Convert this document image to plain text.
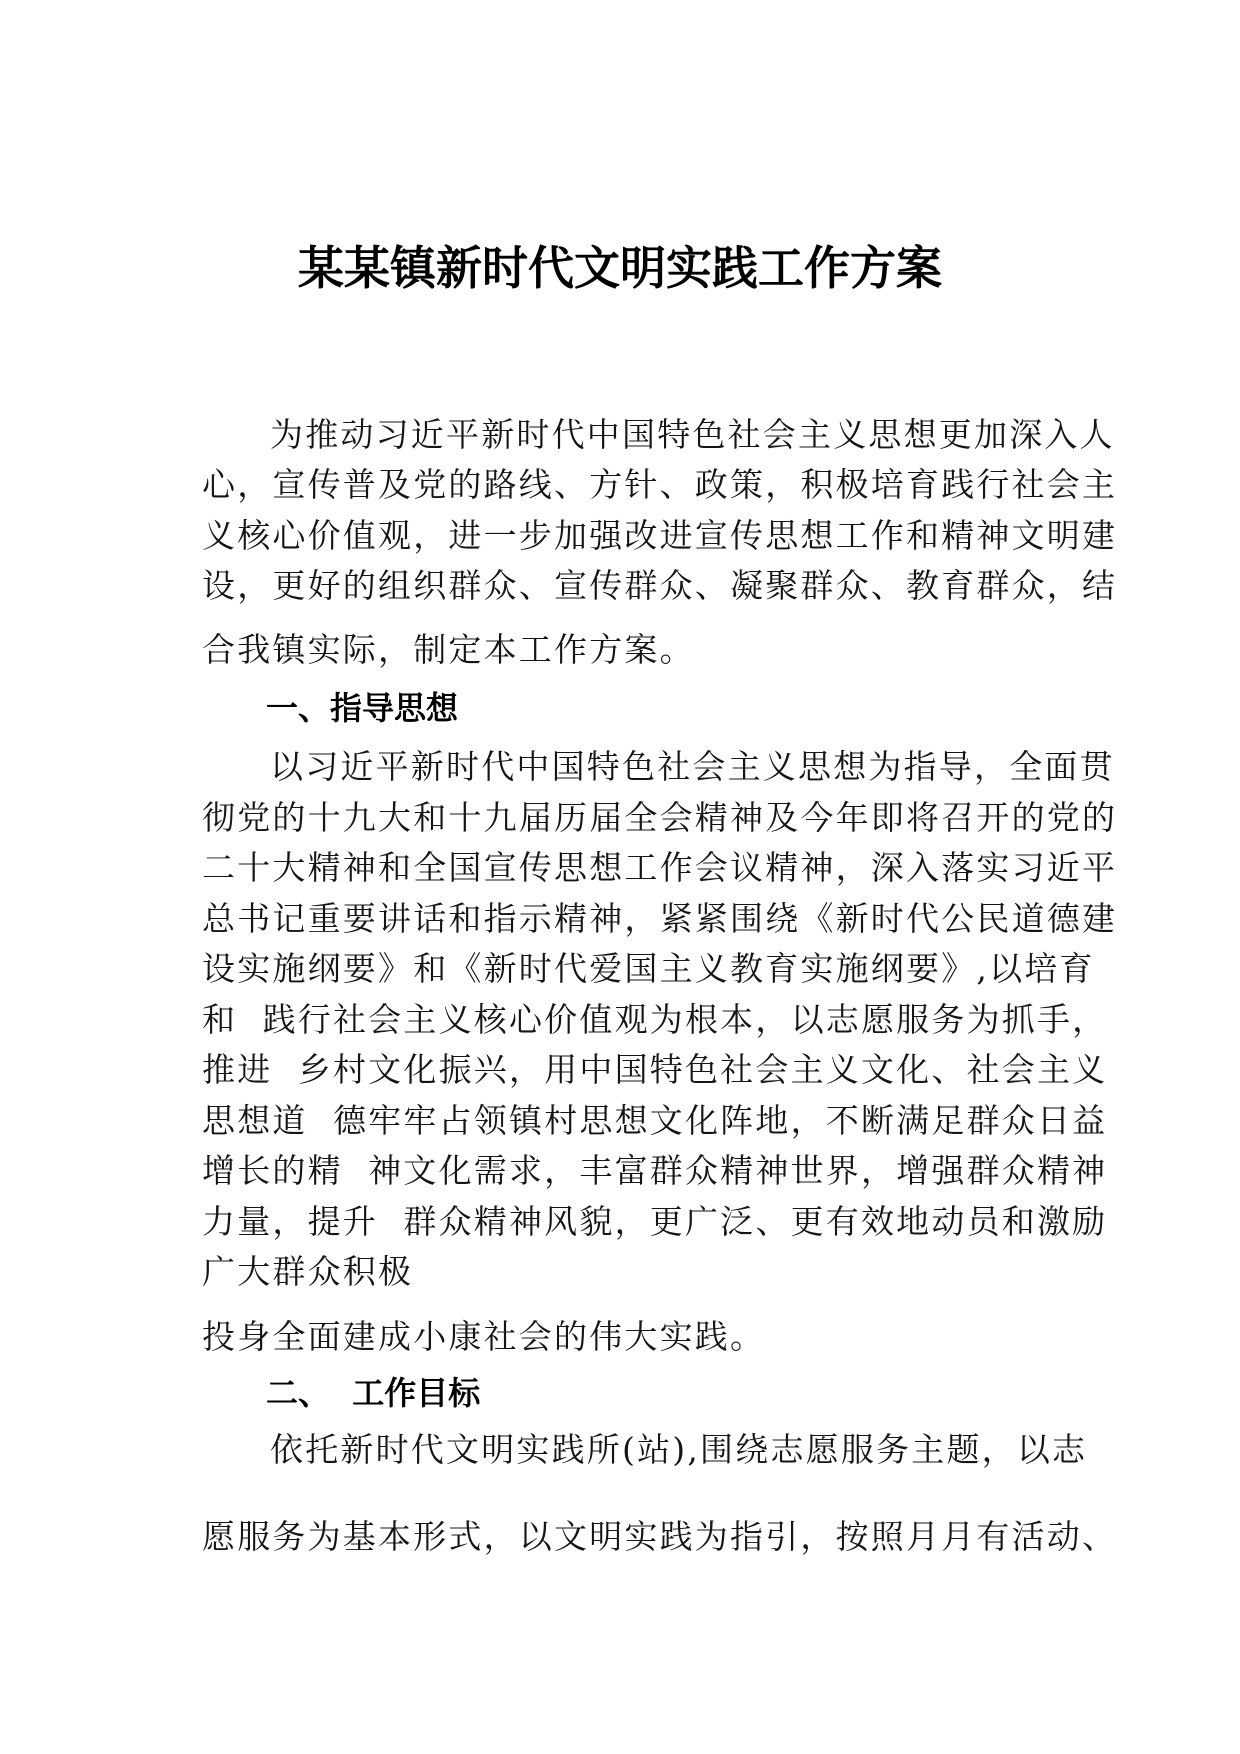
某某镇新时代文明实践工作方案

为推动习近平新时代中国特色社会主义思想更加深入人

心，宣传普及党的路线、方针、政策，积极培育践行社会主

义核心价值观，进一步加强改进宣传思想工作和精神文明建

设，更好的组织群众、宣传群众、凝聚群众、教育群众，结

合我镇实际，制定本工作方案。

一、指导思想

以习近平新时代中国特色社会主义思想为指导，全面贯

彻党的十九大和十九届历届全会精神及今年即将召开的党的

二十大精神和全国宣传思想工作会议精神，深入落实习近平

总书记重要讲话和指示精神，紧紧围绕《新时代公民道德建

设实施纲要》和《新时代爱国主义教育实施纲要》,以培育

和  践行社会主义核心价值观为根本，以志愿服务为抓手，

推进  乡村文化振兴，用中国特色社会主义文化、社会主义

思想道  德牢牢占领镇村思想文化阵地，不断满足群众日益

增长的精  神文化需求，丰富群众精神世界，增强群众精神

力量，提升  群众精神风貌，更广泛、更有效地动员和激励

广大群众积极

投身全面建成小康社会的伟大实践。

二、  工作目标

依托新时代文明实践所(站),围绕志愿服务主题，以志

愿服务为基本形式，以文明实践为指引，按照月月有活动、
